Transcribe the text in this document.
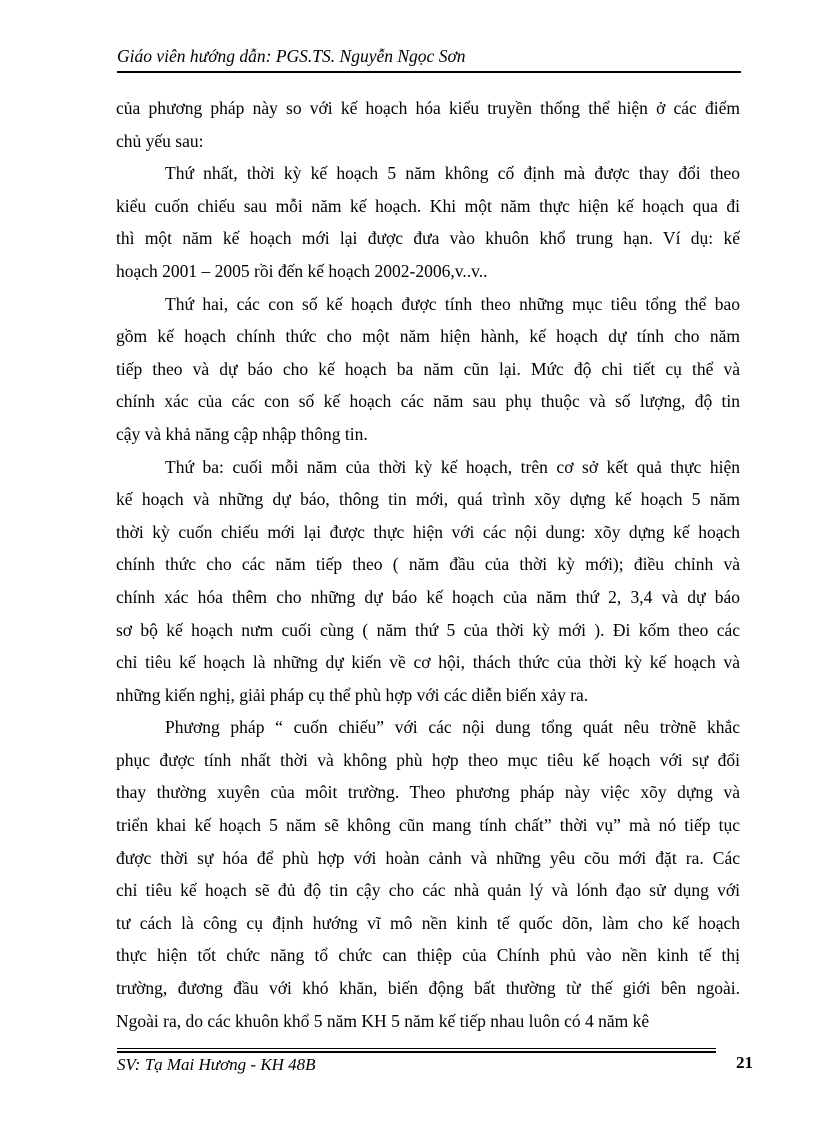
Giáo viên hướng dẫn: PGS.TS. Nguyễn Ngọc Sơn
của phương pháp này so với kế hoạch hóa kiểu truyền thống thể hiện ở các điểm
chủ yếu sau:
Thứ nhất, thời kỳ kế hoạch 5 năm không cố định mà được thay đổi theo
kiểu cuốn chiếu sau mỗi năm kế hoạch. Khi một năm thực hiện kế hoạch qua đi
thì một năm kế hoạch mới lại được đưa vào khuôn khổ trung hạn. Ví dụ: kế
hoạch 2001 – 2005 rồi đến kế hoạch 2002-2006,v..v..
Thứ hai, các con số kế hoạch được tính theo những mục tiêu tổng thể bao
gồm kế hoạch chính thức cho một năm hiện hành, kế hoạch dự tính cho năm
tiếp theo và dự báo cho kế hoạch ba năm cũn lại. Mức độ chi tiết cụ thể và
chính xác của các con số kế hoạch các năm sau phụ thuộc và số lượng, độ tin
cậy và khả năng cập nhập thông tin.
Thứ ba: cuối mỗi năm của thời kỳ kế hoạch, trên cơ sở kết quả thực hiện
kế hoạch và những dự báo, thông tin mới, quá trình xõy dựng kế hoạch 5 năm
thời kỳ cuốn chiếu mới lại được thực hiện với các nội dung: xõy dựng kế hoạch
chính thức cho các năm tiếp theo ( năm đầu của thời kỳ mới); điều chỉnh và
chính xác hóa thêm cho những dự báo kế hoạch của năm thứ 2, 3,4 và dự báo
sơ bộ kế hoạch nưm cuối cùng ( năm thứ 5 của thời kỳ mới ). Đi kốm theo các
chỉ tiêu kế hoạch là những dự kiến về cơ hội, thách thức của thời kỳ kế hoạch và
những kiến nghị, giải pháp cụ thể phù hợp với các diễn biến xảy ra.
Phương pháp “ cuốn chiếu” với các nội dung tổng quát nêu trờnẽ khắc
phục được tính nhất thời và không phù hợp theo mục tiêu kế hoạch với sự đổi
thay thường xuyên của môit trường. Theo phương pháp này việc xõy dựng và
triển khai kế hoạch 5 năm sẽ không cũn mang tính chất” thời vụ” mà nó tiếp tục
được thời sự hóa để phù hợp với hoàn cảnh và những yêu cõu mới đặt ra. Các
chỉ tiêu kế hoạch sẽ đủ độ tin cậy cho các nhà quản lý và lónh đạo sử dụng với
tư cách là công cụ định hướng vĩ mô nền kinh tế quốc dõn, làm cho kế hoạch
thực hiện tốt chức năng tổ chức can thiệp của Chính phủ vào nền kinh tế thị
trường, đương đầu với khó khăn, biến động bất thường từ thế giới bên ngoài.
Ngoài ra, do các khuôn khổ 5 năm KH 5 năm kế tiếp nhau luôn có 4 năm kê
SV: Tạ Mai Hương - KH 48B	21
